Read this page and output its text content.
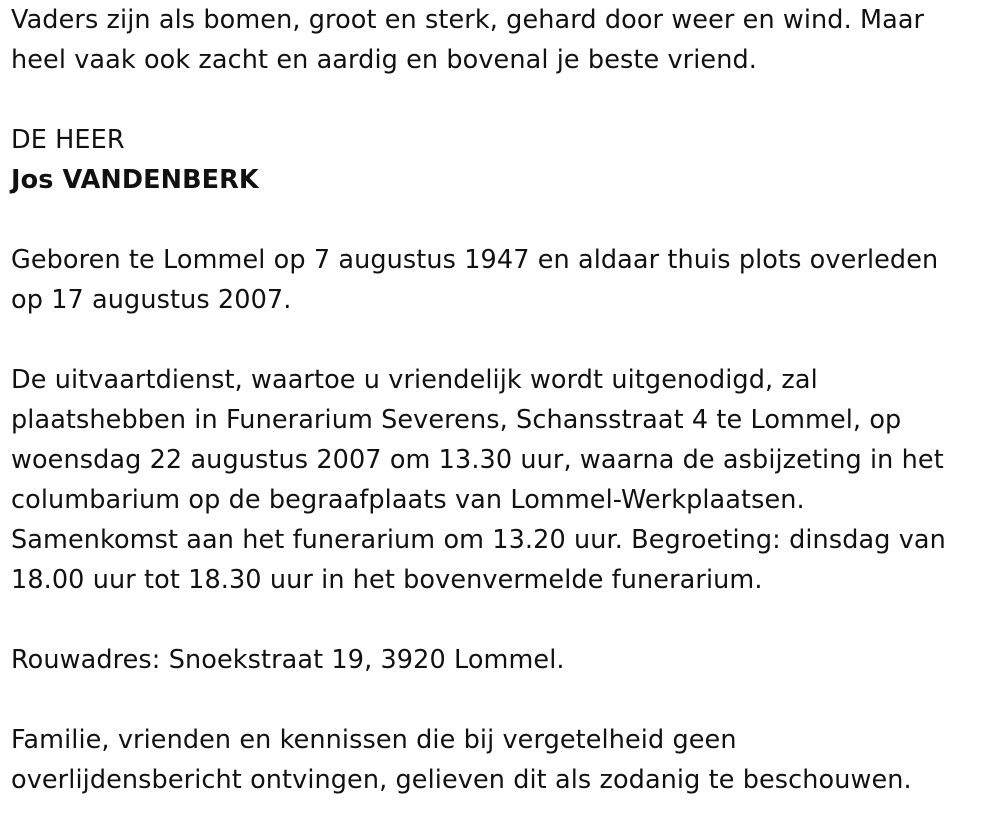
Vaders zijn als bomen, groot en sterk, gehard door weer en wind. Maar
heel vaak ook zacht en aardig en bovenal je beste vriend.
DE HEER
Jos VANDENBERK
Geboren te Lommel op 7 augustus 1947 en aldaar thuis plots overleden
op 17 augustus 2007.
De uitvaartdienst, waartoe u vriendelijk wordt uitgenodigd, zal
plaatshebben in Funerarium Severens, Schansstraat 4 te Lommel, op
woensdag 22 augustus 2007 om 13.30 uur, waarna de asbijzeting in het
columbarium op de begraafplaats van Lommel-Werkplaatsen.
Samenkomst aan het funerarium om 13.20 uur. Begroeting: dinsdag van
18.00 uur tot 18.30 uur in het bovenvermelde funerarium.
Rouwadres: Snoekstraat 19, 3920 Lommel.
Familie, vrienden en kennissen die bij vergetelheid geen
overlijdensbericht ontvingen, gelieven dit als zodanig te beschouwen.
